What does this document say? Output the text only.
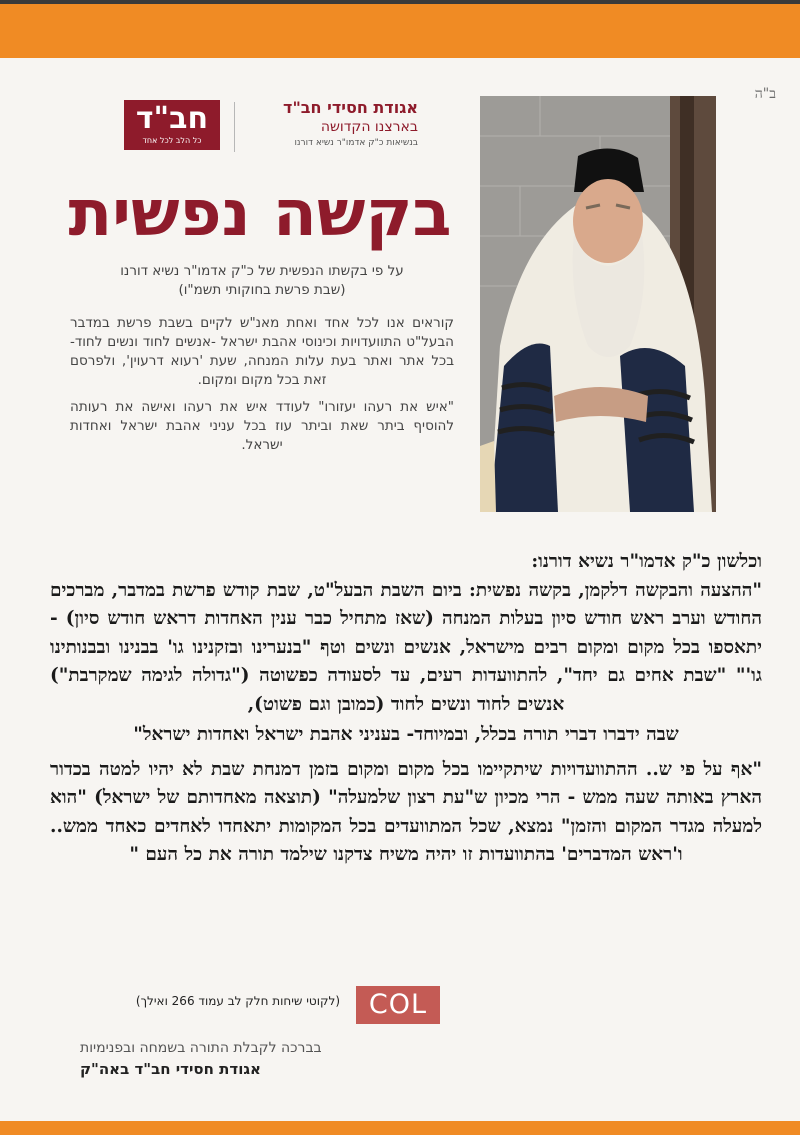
ב"ה
חב"ד
כל הלב לכל אחד
אגודת חסידי חב"ד
בארצנו הקדושה
בנשיאות כ"ק אדמו"ר נשיא דורנו
בקשה נפשית

על פי בקשתו הנפשית של כ"ק אדמו"ר נשיא דורנו

(שבת פרשת בחוקותי תשמ"ו)

קוראים אנו לכל אחד ואחת מאנ"ש לקיים בשבת פרשת במדבר הבעל"ט התוועדויות וכינוסי אהבת ישראל -אנשים לחוד ונשים לחוד- בכל אתר ואתר בעת עלות המנחה, שעת 'רעוא דרעוין', ולפרסם זאת בכל מקום ומקום.

"איש את רעהו יעזורו" לעודד איש את רעהו ואישה את רעותה להוסיף ביתר שאת וביתר עוז בכל עניני אהבת ישראל ואחדות ישראל.

וכלשון כ"ק אדמו"ר נשיא דורנו:

"ההצעה והבקשה דלקמן, בקשה נפשית: ביום השבת הבעל"ט, שבת קודש פרשת במדבר, מברכים החודש וערב ראש חודש סיון בעלות המנחה (שאז מתחיל כבר ענין האחדות דראש חודש סיון) - יתאספו בכל מקום ומקום רבים מישראל, אנשים ונשים וטף "בנערינו ובזקנינו גו' בבנינו ובבנותינו גו'" "שבת אחים גם יחד", להתוועדות רעים, עד לסעודה כפשוטה ("גדולה לגימה שמקרבת") אנשים לחוד ונשים לחוד (כמובן וגם פשוט),

שבה ידברו דברי תורה בכלל, ובמיוחד- בעניני אהבת ישראל ואחדות ישראל"

"אף על פי ש.. ההתוועדויות שיתקיימו בכל מקום ומקום בזמן דמנחת שבת לא יהיו למטה בכדור הארץ באותה שעה ממש - הרי מכיון ש"עת רצון שלמעלה" (תוצאה מאחדותם של ישראל) "הוא למעלה מגדר המקום והזמן" נמצא, שכל המתוועדים בכל המקומות יתאחדו לאחדים כאחד ממש.. ו'ראש המדברים' בהתוועדות זו יהיה משיח צדקנו שילמד תורה את כל העם "

(לקוטי שיחות חלק לב עמוד 266 ואילך)	COL
בברכה לקבלת התורה בשמחה ובפנימיות
אגודת חסידי חב"ד באה"ק
